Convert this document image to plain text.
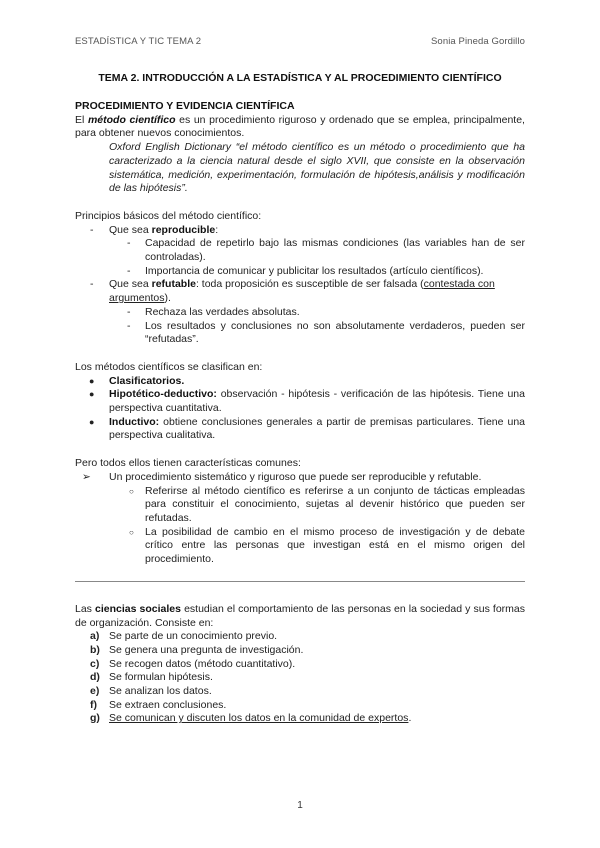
ESTADÍSTICA Y TIC TEMA 2	Sonia Pineda Gordillo
TEMA 2. INTRODUCCIÓN A LA ESTADÍSTICA Y AL PROCEDIMIENTO CIENTÍFICO

PROCEDIMIENTO Y EVIDENCIA CIENTÍFICA

El método científico es un procedimiento riguroso y ordenado que se emplea, principalmente, para obtener nuevos conocimientos.

Oxford English Dictionary “el método científico es un método o procedimiento que ha caracterizado a la ciencia natural desde el siglo XVII, que consiste en la observación sistemática, medición, experimentación, formulación de hipótesis,análisis y modificación de las hipótesis”.

Principios básicos del método científico:

-	Que sea reproducible:
-	Capacidad de repetirlo bajo las mismas condiciones (las variables han de ser controladas).
-	Importancia de comunicar y publicitar los resultados (artículo científicos).
-	Que sea refutable: toda proposición es susceptible de ser falsada (contestada con argumentos).
-	Rechaza las verdades absolutas.
-	Los resultados y conclusiones no son absolutamente verdaderos, pueden ser “refutadas”.

Los métodos científicos se clasifican en:

●	Clasificatorios.
●	Hipotético-deductivo: observación - hipótesis - verificación de las hipótesis. Tiene una perspectiva cuantitativa.
●	Inductivo: obtiene conclusiones generales a partir de premisas particulares. Tiene una perspectiva cualitativa.

Pero todos ellos tienen características comunes:

➢	Un procedimiento sistemático y riguroso que puede ser reproducible y refutable.
○	Referirse al método científico es referirse a un conjunto de tácticas empleadas para constituir el conocimiento, sujetas al devenir histórico que pueden ser refutadas.
○	La posibilidad de cambio en el mismo proceso de investigación y de debate crítico entre las personas que investigan está en el mismo origen del procedimiento.

Las ciencias sociales estudian el comportamiento de las personas en la sociedad y sus formas de organización. Consiste en:

a) Se parte de un conocimiento previo.
b) Se genera una pregunta de investigación.
c) Se recogen datos (método cuantitativo).
d) Se formulan hipótesis.
e) Se analizan los datos.
f)	Se extraen conclusiones.
g) Se comunican y discuten los datos en la comunidad de expertos.
1
